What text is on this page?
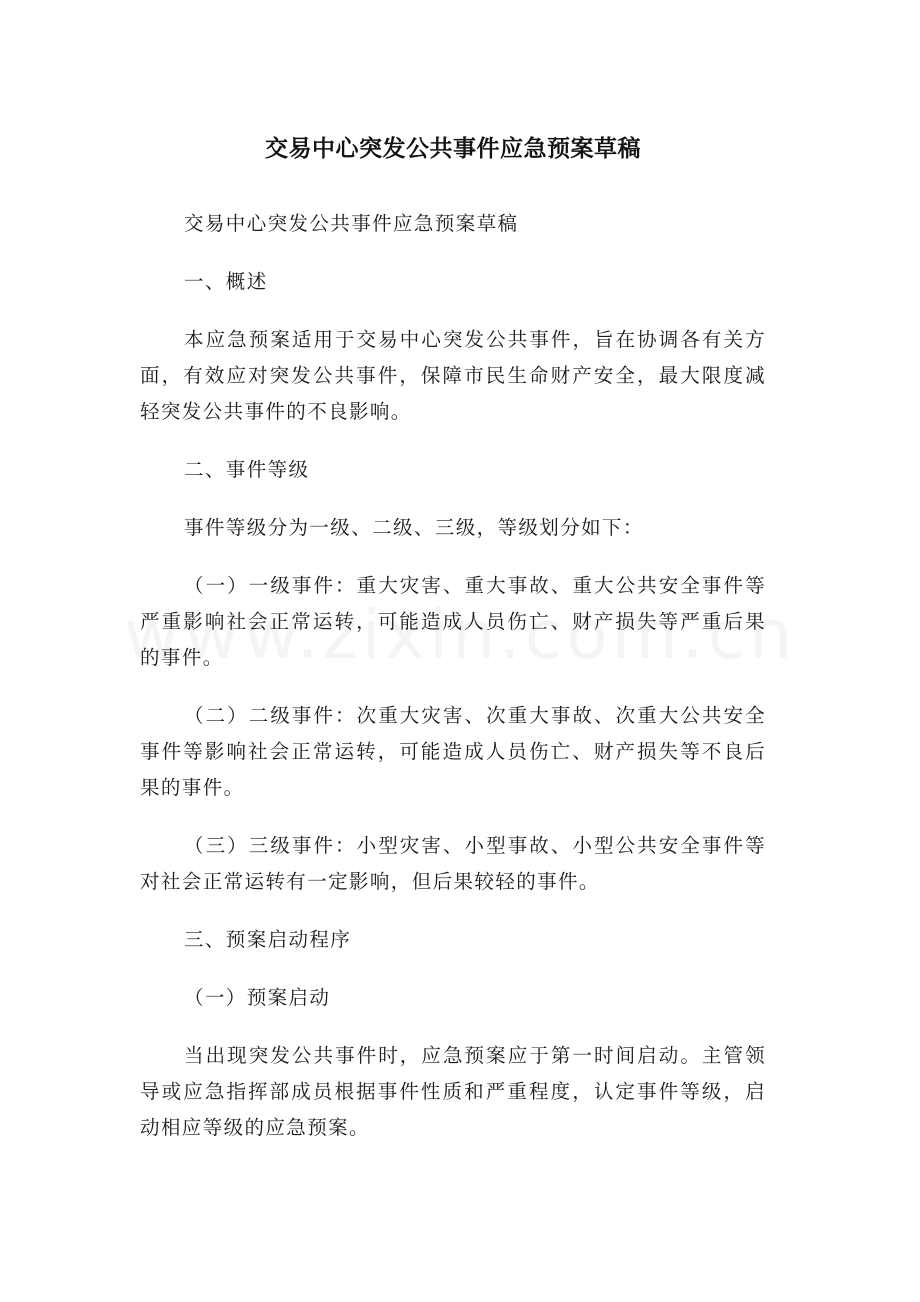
交易中心突发公共事件应急预案草稿

交易中心突发公共事件应急预案草稿

一、概述

本应急预案适用于交易中心突发公共事件，旨在协调各有关方面，有效应对突发公共事件，保障市民生命财产安全，最大限度减轻突发公共事件的不良影响。

二、事件等级

事件等级分为一级、二级、三级，等级划分如下：

（一）一级事件：重大灾害、重大事故、重大公共安全事件等严重影响社会正常运转，可能造成人员伤亡、财产损失等严重后果的事件。

（二）二级事件：次重大灾害、次重大事故、次重大公共安全事件等影响社会正常运转，可能造成人员伤亡、财产损失等不良后果的事件。

（三）三级事件：小型灾害、小型事故、小型公共安全事件等对社会正常运转有一定影响，但后果较轻的事件。

三、预案启动程序

（一）预案启动

当出现突发公共事件时，应急预案应于第一时间启动。主管领导或应急指挥部成员根据事件性质和严重程度，认定事件等级，启动相应等级的应急预案。
